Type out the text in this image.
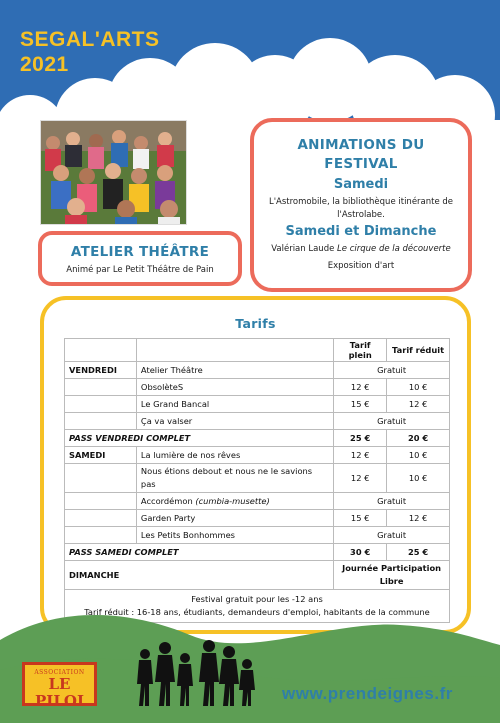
SEGAL'ARTS
2021
ATELIER THÉÂTRE
Animé par Le Petit Théâtre de Pain
ANIMATIONS DU FESTIVAL
Samedi
L'Astromobile, la bibliothèque itinérante de l'Astrolabe.
Samedi et Dimanche
Valérian Laude Le cirque de la découverte
Exposition d'art
Tarifs
		Tarif plein	Tarif réduit
VENDREDI	Atelier Théâtre	Gratuit	
	ObsolèteS	12 €	10 €
	Le Grand Bancal	15 €	12 €
	Ça va valser	Gratuit	
PASS VENDREDI COMPLET		25 €	20 €
SAMEDI	La lumière de nos rêves	12 €	10 €
	Nous étions debout et nous ne le savions pas	12 €	10 €
	Accordémon (cumbia-musette)	Gratuit	
	Garden Party	15 €	12 €
	Les Petits Bonhommes	Gratuit	
PASS SAMEDI COMPLET		30 €	25 €
DIMANCHE		Journée Participation Libre	

Festival gratuit pour les -12 ans
Tarif réduit : 16-18 ans, étudiants, demandeurs d'emploi, habitants de la commune			
ASSOCIATION
LE PILOI	www.prendeignes.fr
